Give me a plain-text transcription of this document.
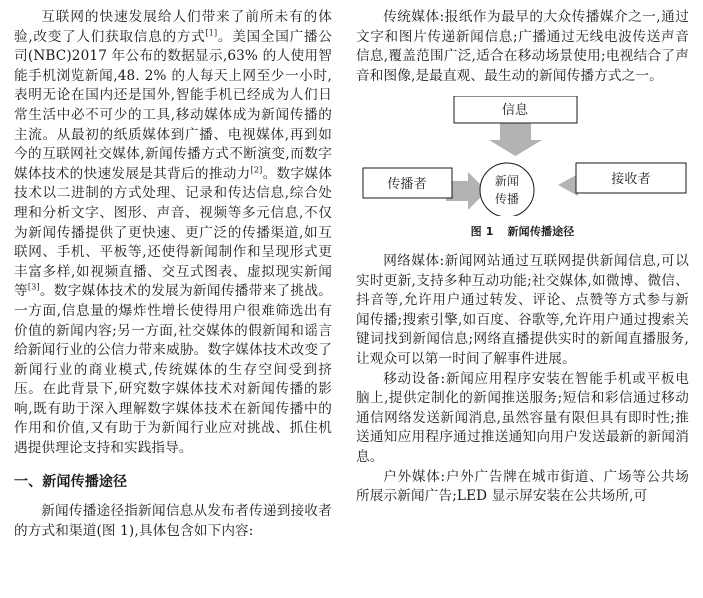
互联网的快速发展给人们带来了前所未有的体验,改变了人们获取信息的方式[1]。美国全国广播公司(NBC)2017 年公布的数据显示,63% 的人使用智能手机浏览新闻,48. 2% 的人每天上网至少一小时,表明无论在国内还是国外,智能手机已经成为人们日常生活中必不可少的工具,移动媒体成为新闻传播的主流。从最初的纸质媒体到广播、电视媒体,再到如今的互联网社交媒体,新闻传播方式不断演变,而数字媒体技术的快速发展是其背后的推动力[2]。数字媒体技术以二进制的方式处理、记录和传达信息,综合处理和分析文字、图形、声音、视频等多元信息,不仅为新闻传播提供了更快速、更广泛的传播渠道,如互联网、手机、平板等,还使得新闻制作和呈现形式更丰富多样,如视频直播、交互式图表、虚拟现实新闻等[3]。数字媒体技术的发展为新闻传播带来了挑战。一方面,信息量的爆炸性增长使得用户很难筛选出有价值的新闻内容;另一方面,社交媒体的假新闻和谣言给新闻行业的公信力带来威胁。数字媒体技术改变了新闻行业的商业模式,传统媒体的生存空间受到挤压。在此背景下,研究数字媒体技术对新闻传播的影响,既有助于深入理解数字媒体技术在新闻传播中的作用和价值,又有助于为新闻行业应对挑战、抓住机遇提供理论支持和实践指导。

一、新闻传播途径

新闻传播途径指新闻信息从发布者传递到接收者的方式和渠道(图 1),具体包含如下内容:

传统媒体:报纸作为最早的大众传播媒介之一,通过文字和图片传递新闻信息;广播通过无线电波传送声音信息,覆盖范围广泛,适合在移动场景使用;电视结合了声音和图像,是最直观、最生动的新闻传播方式之一。

信息
传播者	接收者
新闻
传播

图 1 新闻传播途径

网络媒体:新闻网站通过互联网提供新闻信息,可以实时更新,支持多种互动功能;社交媒体,如微博、微信、抖音等,允许用户通过转发、评论、点赞等方式参与新闻传播;搜索引擎,如百度、谷歌等,允许用户通过搜索关键词找到新闻信息;网络直播提供实时的新闻直播服务,让观众可以第一时间了解事件进展。

移动设备:新闻应用程序安装在智能手机或平板电脑上,提供定制化的新闻推送服务;短信和彩信通过移动通信网络发送新闻消息,虽然容量有限但具有即时性;推送通知应用程序通过推送通知向用户发送最新的新闻消息。

户外媒体:户外广告牌在城市街道、广场等公共场所展示新闻广告;LED 显示屏安装在公共场所,可
